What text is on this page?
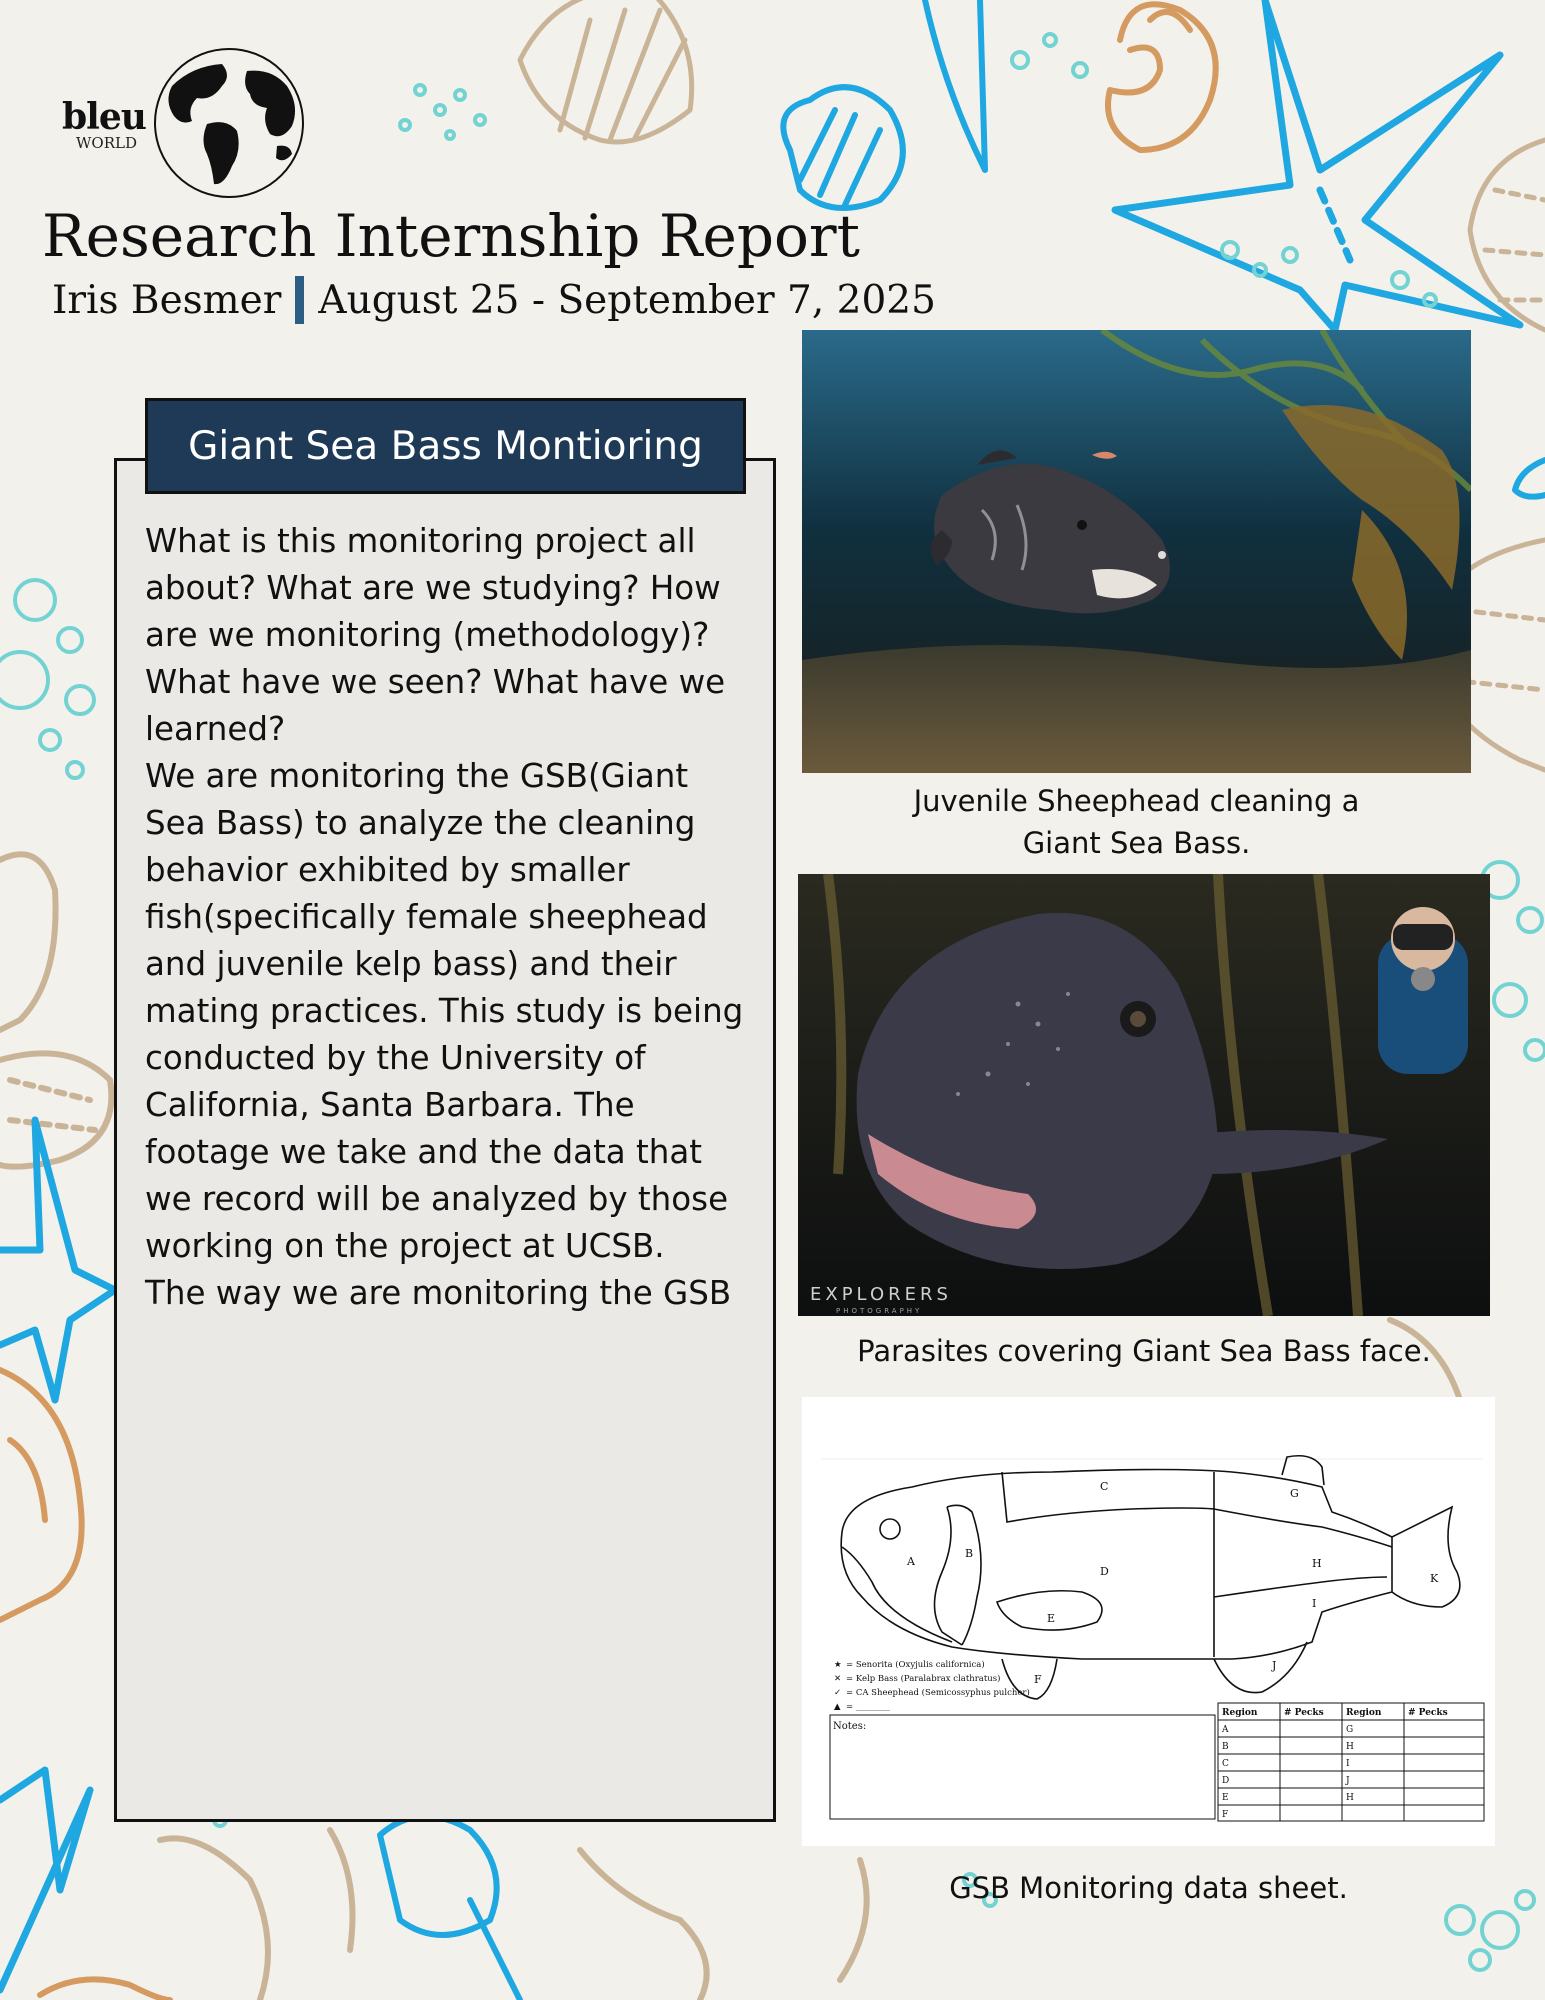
bleu
WORLD
Research Internship Report
Iris Besmer August 25 - September 7, 2025
Giant Sea Bass Montioring

What is this monitoring project all about? What are we studying? How are we monitoring (methodology)? What have we seen? What have we learned?

We are monitoring the GSB(Giant Sea Bass) to analyze the cleaning behavior exhibited by smaller fish(specifically female sheephead and juvenile kelp bass) and their mating practices. This study is being conducted by the University of California, Santa Barbara. The footage we take and the data that we record will be analyzed by those working on the project at UCSB.

The way we are monitoring the GSB

Juvenile Sheephead cleaning a
Giant Sea Bass.
EXPLORERS
PHOTOGRAPHY
Parasites covering Giant Sea Bass face.
A
B
C
D
E
F
G
H
I
J
K
★ = Senorita (Oxyjulis californica)
✕ = Kelp Bass (Paralabrax clathratus)
✓ = CA Sheephead (Semicossyphus pulcher)
▲ = ________
Notes:
Region	# Pecks Region	# Pecks
A
B
C
D
E
F
G
H
I
J
H
GSB Monitoring data sheet.
